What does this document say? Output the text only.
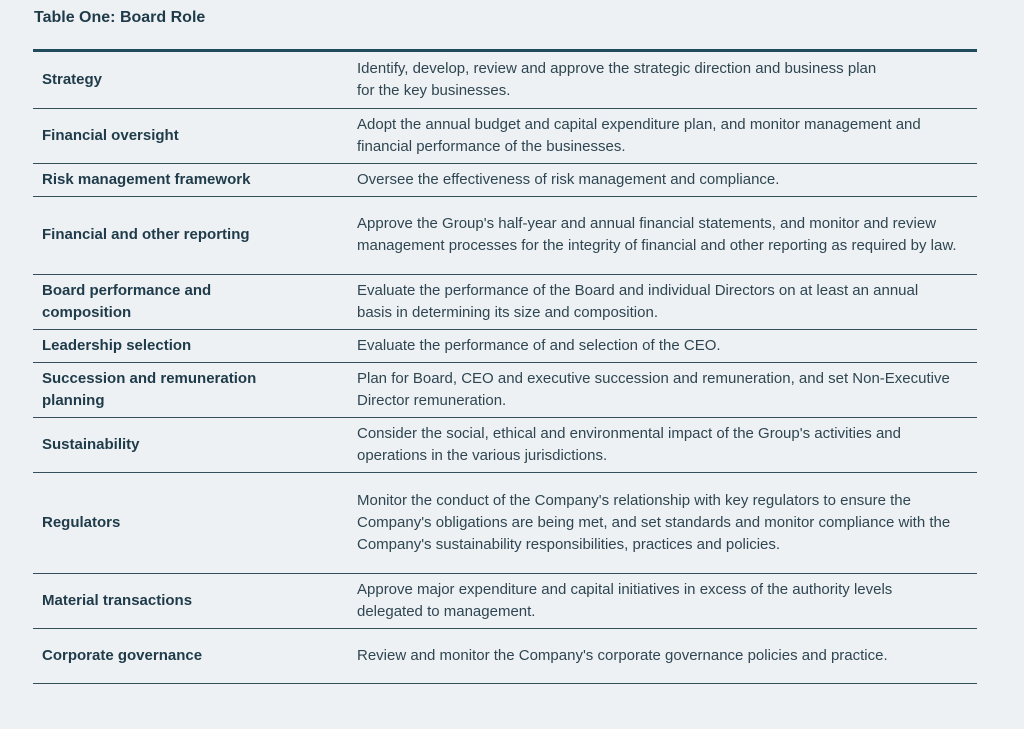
Table One: Board Role

Strategy	Identify, develop, review and approve the strategic direction and business plan for the key businesses.
Financial oversight	Adopt the annual budget and capital expenditure plan, and monitor management and financial performance of the businesses.
Risk management framework	Oversee the effectiveness of risk management and compliance.
Financial and other reporting	Approve the Group's half-year and annual financial statements, and monitor and review management processes for the integrity of financial and other reporting as required by law.
Board performance and composition	Evaluate the performance of the Board and individual Directors on at least an annual basis in determining its size and composition.
Leadership selection	Evaluate the performance of and selection of the CEO.
Succession and remuneration planning	Plan for Board, CEO and executive succession and remuneration, and set Non-Executive Director remuneration.
Sustainability	Consider the social, ethical and environmental impact of the Group's activities and operations in the various jurisdictions.
Regulators	Monitor the conduct of the Company's relationship with key regulators to ensure the Company's obligations are being met, and set standards and monitor compliance with the Company's sustainability responsibilities, practices and policies.
Material transactions	Approve major expenditure and capital initiatives in excess of the authority levels delegated to management.
Corporate governance	Review and monitor the Company's corporate governance policies and practice.
